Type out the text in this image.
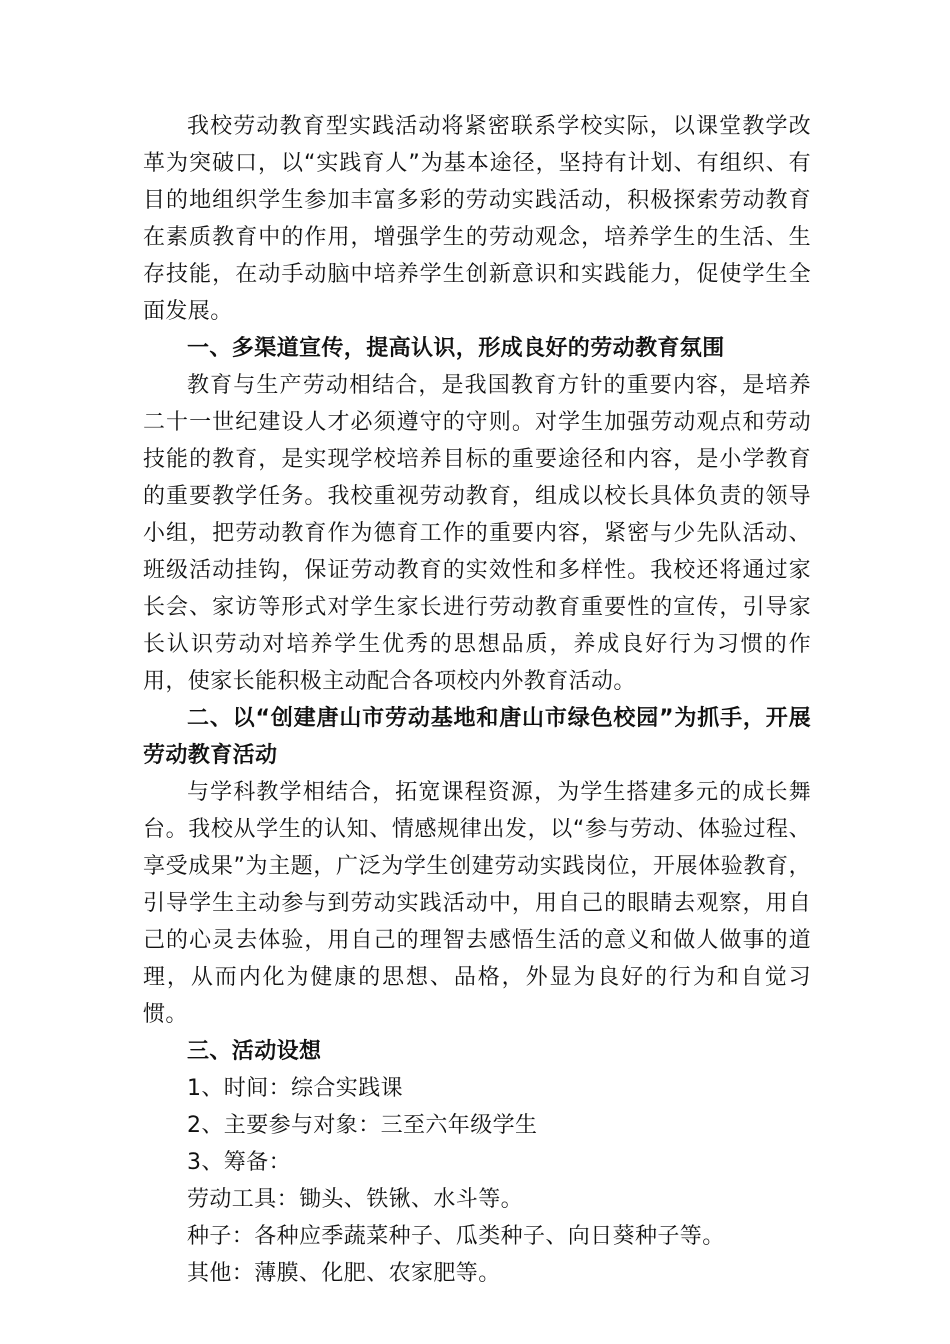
我校劳动教育型实践活动将紧密联系学校实际，以课堂教学改革为突破口，以“实践育人”为基本途径，坚持有计划、有组织、有目的地组织学生参加丰富多彩的劳动实践活动，积极探索劳动教育在素质教育中的作用，增强学生的劳动观念，培养学生的生活、生存技能，在动手动脑中培养学生创新意识和实践能力，促使学生全面发展。

一、多渠道宣传，提高认识，形成良好的劳动教育氛围

教育与生产劳动相结合，是我国教育方针的重要内容，是培养二十一世纪建设人才必须遵守的守则。对学生加强劳动观点和劳动技能的教育，是实现学校培养目标的重要途径和内容，是小学教育的重要教学任务。我校重视劳动教育，组成以校长具体负责的领导小组，把劳动教育作为德育工作的重要内容，紧密与少先队活动、班级活动挂钩，保证劳动教育的实效性和多样性。我校还将通过家长会、家访等形式对学生家长进行劳动教育重要性的宣传，引导家长认识劳动对培养学生优秀的思想品质，养成良好行为习惯的作用，使家长能积极主动配合各项校内外教育活动。

二、以“创建唐山市劳动基地和唐山市绿色校园”为抓手，开展劳动教育活动

与学科教学相结合，拓宽课程资源，为学生搭建多元的成长舞台。我校从学生的认知、情感规律出发，以“参与劳动、体验过程、享受成果”为主题，广泛为学生创建劳动实践岗位，开展体验教育，引导学生主动参与到劳动实践活动中，用自己的眼睛去观察，用自己的心灵去体验，用自己的理智去感悟生活的意义和做人做事的道理，从而内化为健康的思想、品格，外显为良好的行为和自觉习惯。

三、活动设想

1、时间：综合实践课

2、主要参与对象：三至六年级学生

3、筹备：

劳动工具：锄头、铁锹、水斗等。

种子：各种应季蔬菜种子、瓜类种子、向日葵种子等。

其他：薄膜、化肥、农家肥等。
